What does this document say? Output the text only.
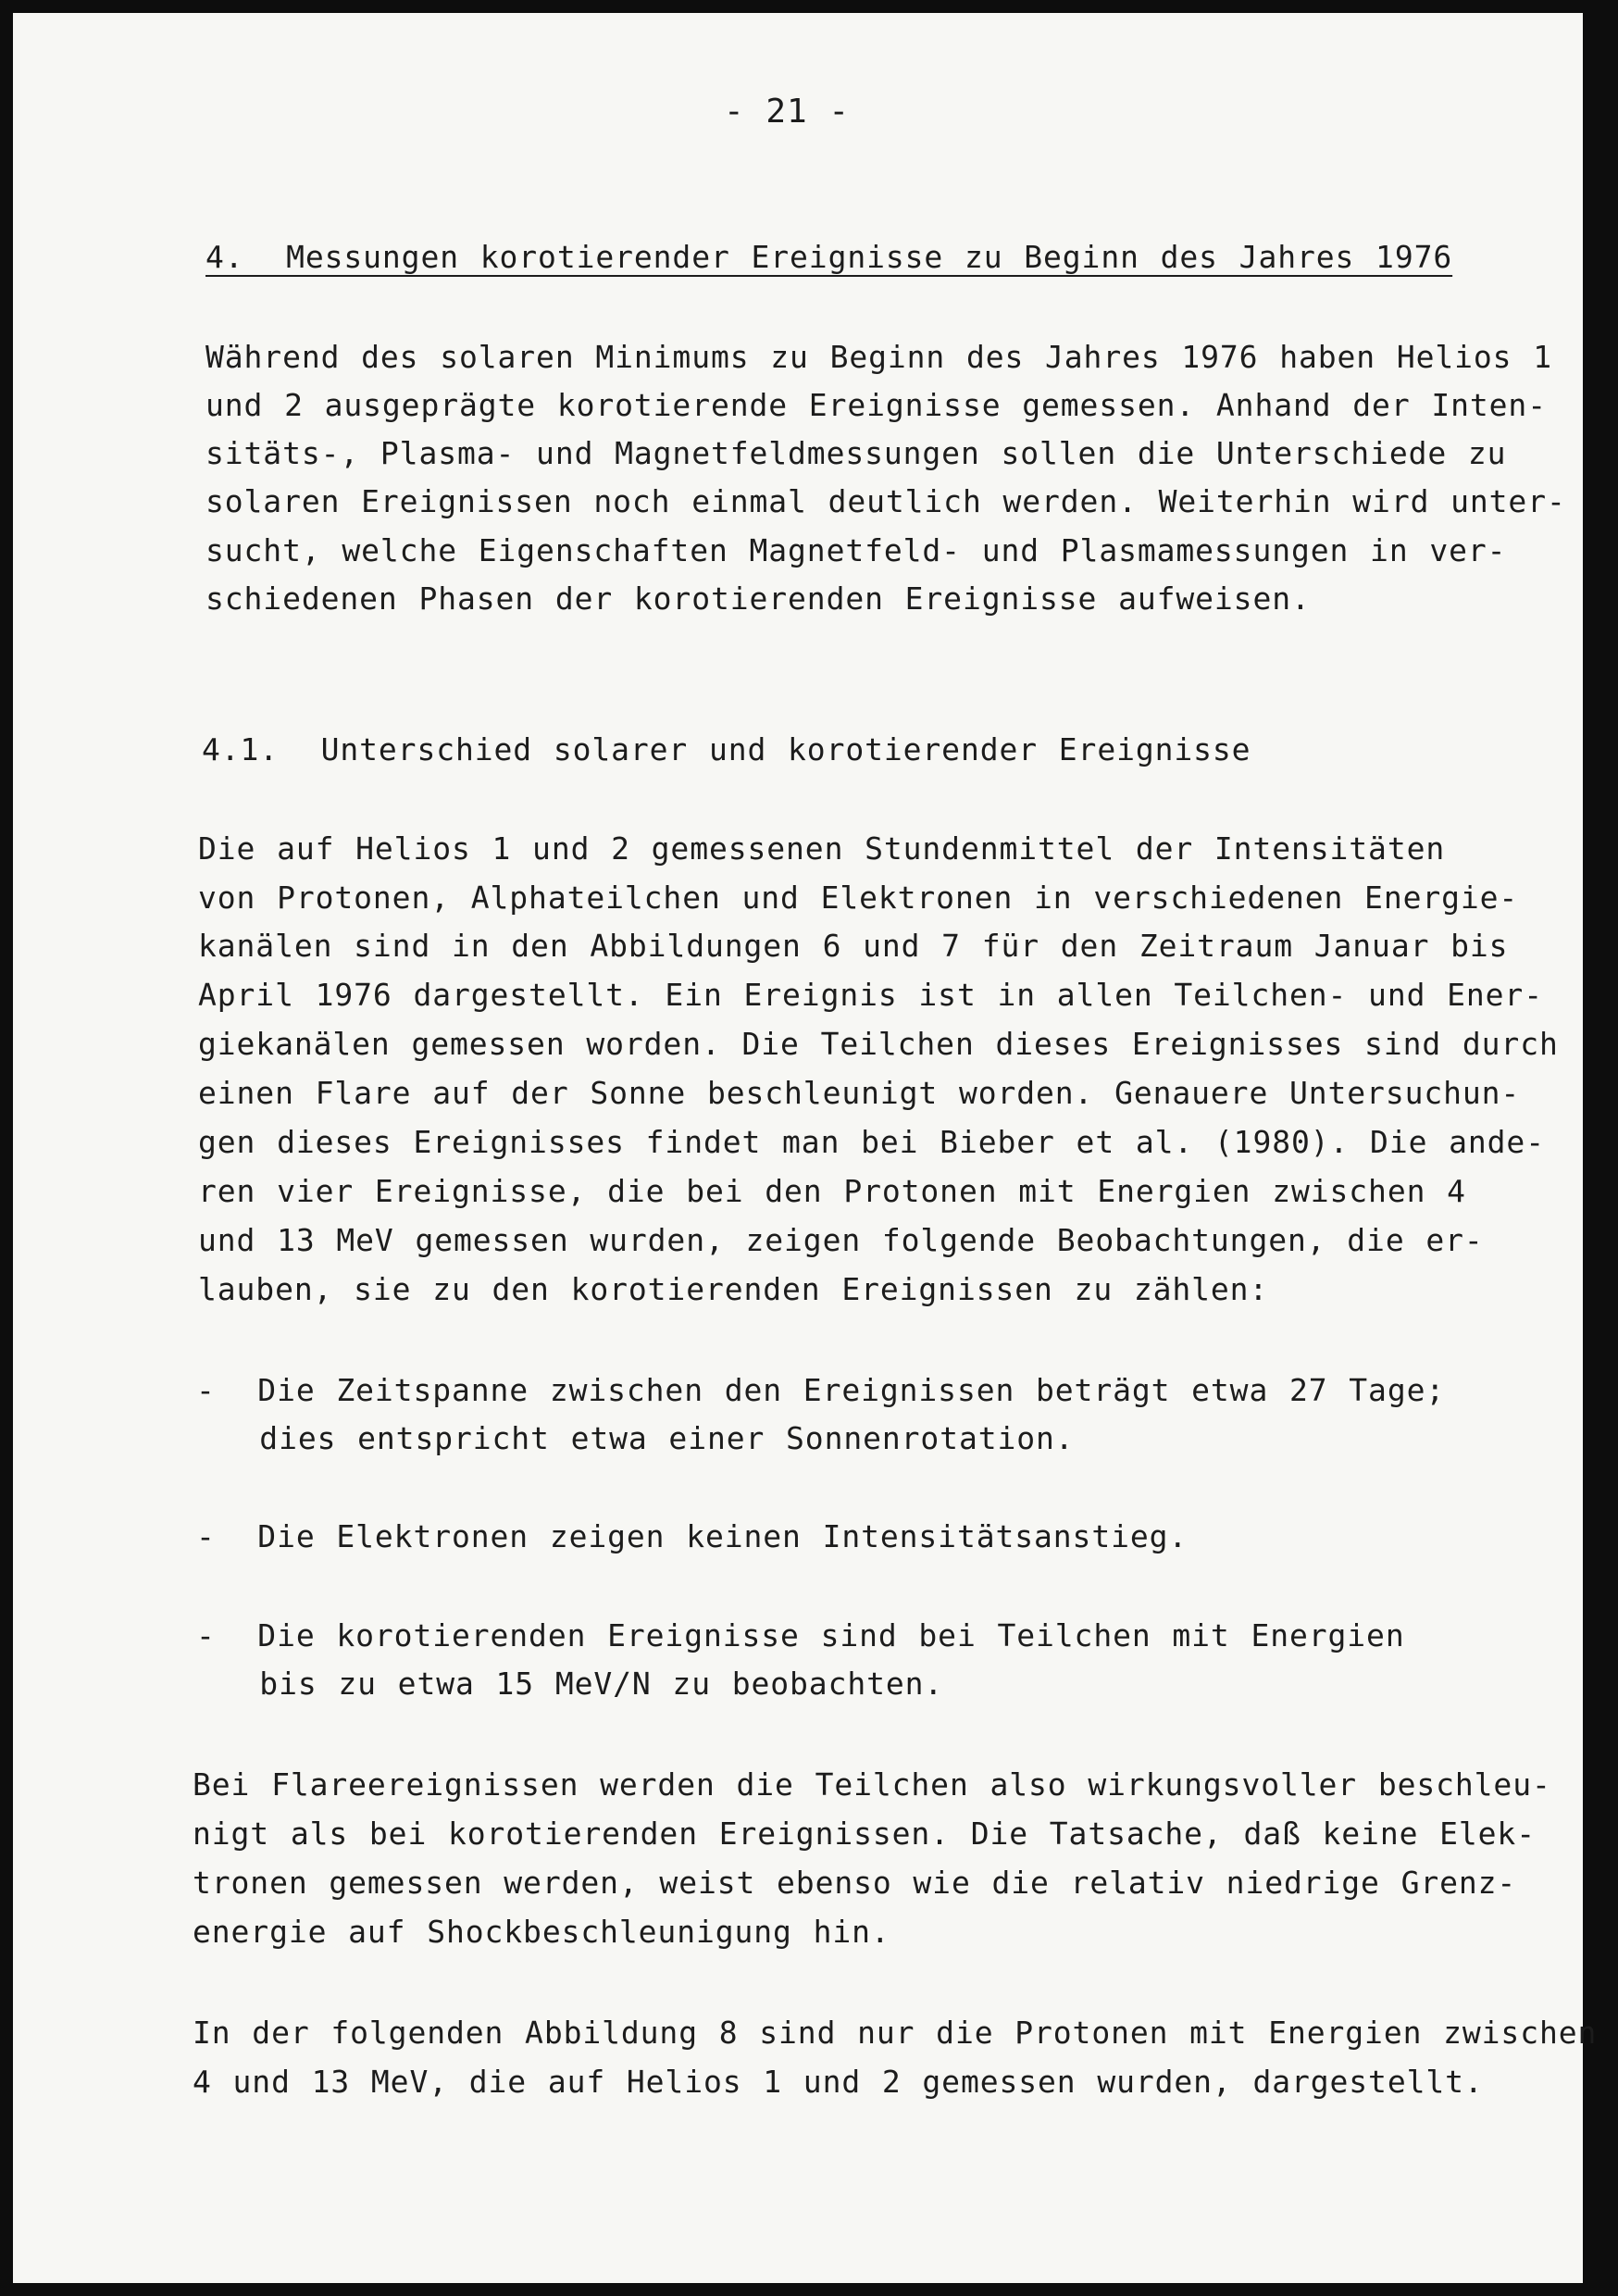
- 21 -
4.  Messungen korotierender Ereignisse zu Beginn des Jahres 1976
Während des solaren Minimums zu Beginn des Jahres 1976 haben Helios 1
und 2 ausgeprägte korotierende Ereignisse gemessen. Anhand der Inten-
sitäts-, Plasma- und Magnetfeldmessungen sollen die Unterschiede zu
solaren Ereignissen noch einmal deutlich werden. Weiterhin wird unter-
sucht, welche Eigenschaften Magnetfeld- und Plasmamessungen in ver-
schiedenen Phasen der korotierenden Ereignisse aufweisen.
4.1.  Unterschied solarer und korotierender Ereignisse
Die auf Helios 1 und 2 gemessenen Stundenmittel der Intensitäten
von Protonen, Alphateilchen und Elektronen in verschiedenen Energie-
kanälen sind in den Abbildungen 6 und 7 für den Zeitraum Januar bis
April 1976 dargestellt. Ein Ereignis ist in allen Teilchen- und Ener-
giekanälen gemessen worden. Die Teilchen dieses Ereignisses sind durch
einen Flare auf der Sonne beschleunigt worden. Genauere Untersuchun-
gen dieses Ereignisses findet man bei Bieber et al. (1980). Die ande-
ren vier Ereignisse, die bei den Protonen mit Energien zwischen 4
und 13 MeV gemessen wurden, zeigen folgende Beobachtungen, die er-
lauben, sie zu den korotierenden Ereignissen zu zählen:
-  Die Zeitspanne zwischen den Ereignissen beträgt etwa 27 Tage;
dies entspricht etwa einer Sonnenrotation.
-  Die Elektronen zeigen keinen Intensitätsanstieg.
-  Die korotierenden Ereignisse sind bei Teilchen mit Energien
bis zu etwa 15 MeV/N zu beobachten.
Bei Flareereignissen werden die Teilchen also wirkungsvoller beschleu-
nigt als bei korotierenden Ereignissen. Die Tatsache, daß keine Elek-
tronen gemessen werden, weist ebenso wie die relativ niedrige Grenz-
energie auf Shockbeschleunigung hin.
In der folgenden Abbildung 8 sind nur die Protonen mit Energien zwischen
4 und 13 MeV, die auf Helios 1 und 2 gemessen wurden, dargestellt.
